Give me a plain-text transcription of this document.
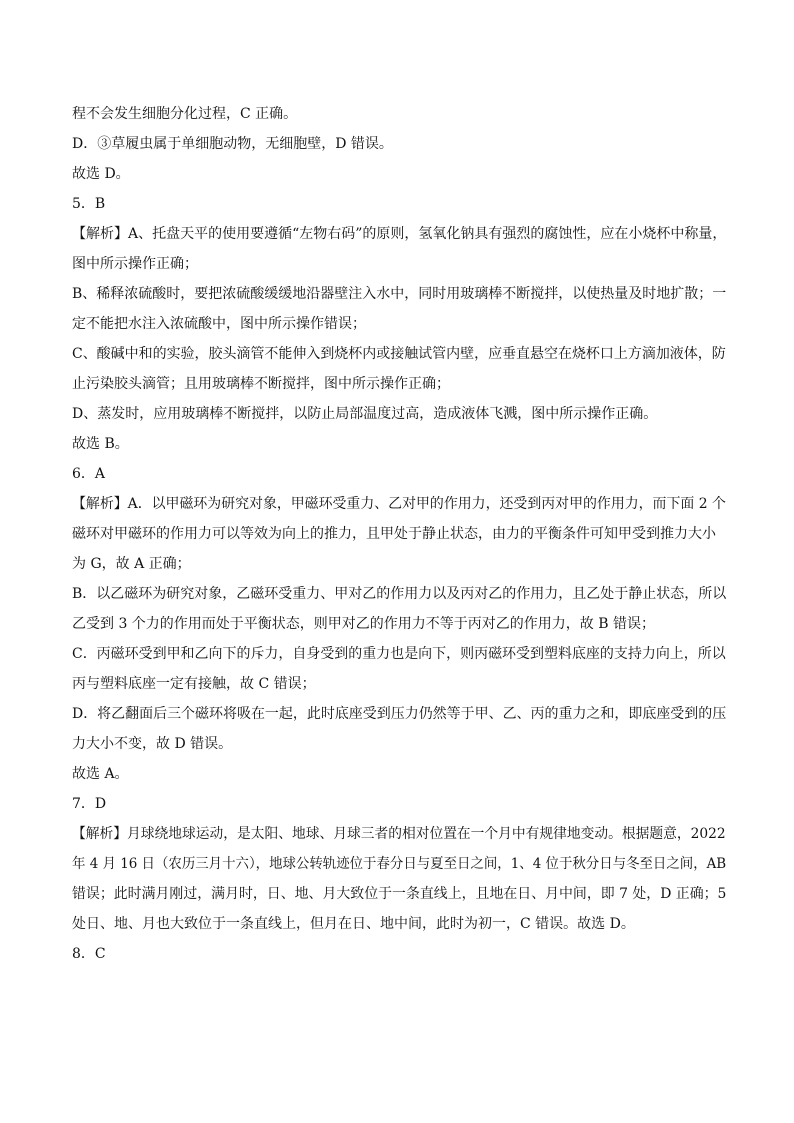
程不会发生细胞分化过程，C 正确。
D．③草履虫属于单细胞动物，无细胞壁，D 错误。
故选 D。
5．B
【解析】A、托盘天平的使用要遵循“左物右码”的原则，氢氧化钠具有强烈的腐蚀性，应在小烧杯中称量，
图中所示操作正确；
B、稀释浓硫酸时，要把浓硫酸缓缓地沿器壁注入水中，同时用玻璃棒不断搅拌，以使热量及时地扩散；一
定不能把水注入浓硫酸中，图中所示操作错误；
C、酸碱中和的实验，胶头滴管不能伸入到烧杯内或接触试管内壁，应垂直悬空在烧杯口上方滴加液体，防
止污染胶头滴管；且用玻璃棒不断搅拌，图中所示操作正确；
D、蒸发时，应用玻璃棒不断搅拌，以防止局部温度过高，造成液体飞溅，图中所示操作正确。
故选 B。
6．A
【解析】A．以甲磁环为研究对象，甲磁环受重力、乙对甲的作用力，还受到丙对甲的作用力，而下面 2 个
磁环对甲磁环的作用力可以等效为向上的推力，且甲处于静止状态，由力的平衡条件可知甲受到推力大小
为 G，故 A 正确；
B．以乙磁环为研究对象，乙磁环受重力、甲对乙的作用力以及丙对乙的作用力，且乙处于静止状态，所以
乙受到 3 个力的作用而处于平衡状态，则甲对乙的作用力不等于丙对乙的作用力，故 B 错误；
C．丙磁环受到甲和乙向下的斥力，自身受到的重力也是向下，则丙磁环受到塑料底座的支持力向上，所以
丙与塑料底座一定有接触，故 C 错误；
D．将乙翻面后三个磁环将吸在一起，此时底座受到压力仍然等于甲、乙、丙的重力之和，即底座受到的压
力大小不变，故 D 错误。
故选 A。
7．D
【解析】月球绕地球运动，是太阳、地球、月球三者的相对位置在一个月中有规律地变动。根据题意，2022
年 4 月 16 日（农历三月十六），地球公转轨迹位于春分日与夏至日之间，1、4 位于秋分日与冬至日之间，AB
错误；此时满月刚过，满月时，日、地、月大致位于一条直线上，且地在日、月中间，即 7 处，D 正确；5
处日、地、月也大致位于一条直线上，但月在日、地中间，此时为初一，C 错误。故选 D。
8．C
